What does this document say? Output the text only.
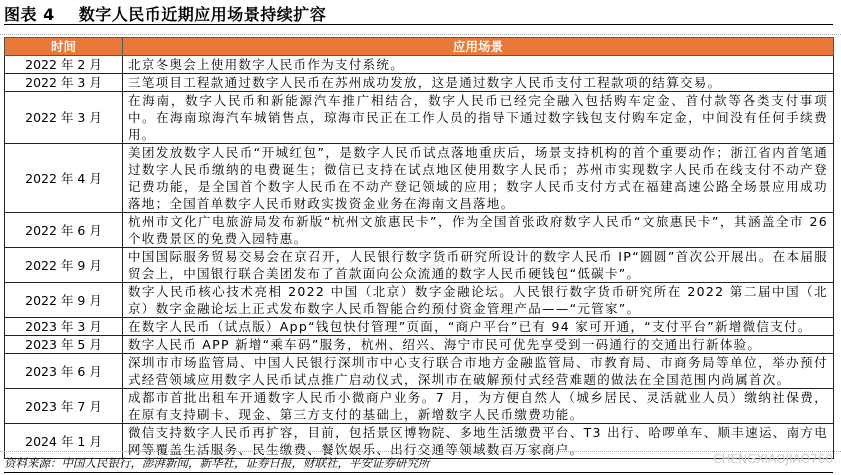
图表 4 数字人民币近期应用场景持续扩容
时间	应用场景
2022 年 2 月	北京冬奥会上使用数字人民币作为支付系统。
2022 年 3 月	三笔项目工程款通过数字人民币在苏州成功发放，这是通过数字人民币支付工程款项的结算交易。
2022 年 3 月	在海南，数字人民币和新能源汽车推广相结合，数字人民币已经完全融入包括购车定金、首付款等各类支付事项中。在海南琼海汽车城销售点，琼海市民正在工作人员的指导下通过数字钱包支付购车定金，中间没有任何手续费用。
2022 年 4 月	美团发放数字人民币“开城红包”，是数字人民币试点落地重庆后，场景支持机构的首个重要动作；浙江省内首笔通过数字人民币缴纳的电费诞生；微信已支持在试点地区使用数字人民币；苏州市实现数字人民币在线支付不动产登记费功能，是全国首个数字人民币在不动产登记领域的应用；数字人民币支付方式在福建高速公路全场景应用成功落地；全国首单数字人民币财政实拨资金业务在海南文昌落地。
2022 年 6 月	杭州市文化广电旅游局发布新版“杭州文旅惠民卡”，作为全国首张政府数字人民币“文旅惠民卡”，其涵盖全市 26 个收费景区的免费入园特惠。
2022 年 9 月	中国国际服务贸易交易会在京召开，人民银行数字货币研究所设计的数字人民币 IP“圆圆”首次公开展出。在本届服贸会上，中国银行联合美团发布了首款面向公众流通的数字人民币硬钱包“低碳卡”。
2022 年 9 月	数字人民币核心技术亮相 2022 中国（北京）数字金融论坛。人民银行数字货币研究所在 2022 第二届中国（北京）数字金融论坛上正式发布数字人民币智能合约预付资金管理产品——“元管家”。
2023 年 3 月	在数字人民币（试点版）App“钱包快付管理”页面，“商户平台”已有 94 家可开通，“支付平台”新增微信支付。
2023 年 5 月	数字人民币 APP 新增“乘车码”服务，杭州、绍兴、海宁市民可优先享受到一码通行的交通出行新体验。
2023 年 6 月	深圳市市场监管局、中国人民银行深圳市中心支行联合市地方金融监管局、市教育局、市商务局等单位，举办预付式经营领域应用数字人民币试点推广启动仪式，深圳市在破解预付式经营难题的做法在全国范围内尚属首次。
2023 年 7 月	成都市首批出租车开通数字人民币小微商户业务。7 月，为方便自然人（城乡居民、灵活就业人员）缴纳社保费，在原有支持刷卡、现金、第三方支付的基础上，新增数字人民币缴费功能。
2024 年 1 月	微信支持数字人民币再扩容，目前，包括景区博物院、多地生活缴费平台、T3 出行、哈啰单车、顺丰速运、南方电网等覆盖生活服务、民生缴费、餐饮娱乐、出行交通等领域数百万家商户。
资料来源：中国人民银行，澎湃新闻，新华社，证券日报，财联社，平安证券研究所	CHENGXIAOJIAO760
